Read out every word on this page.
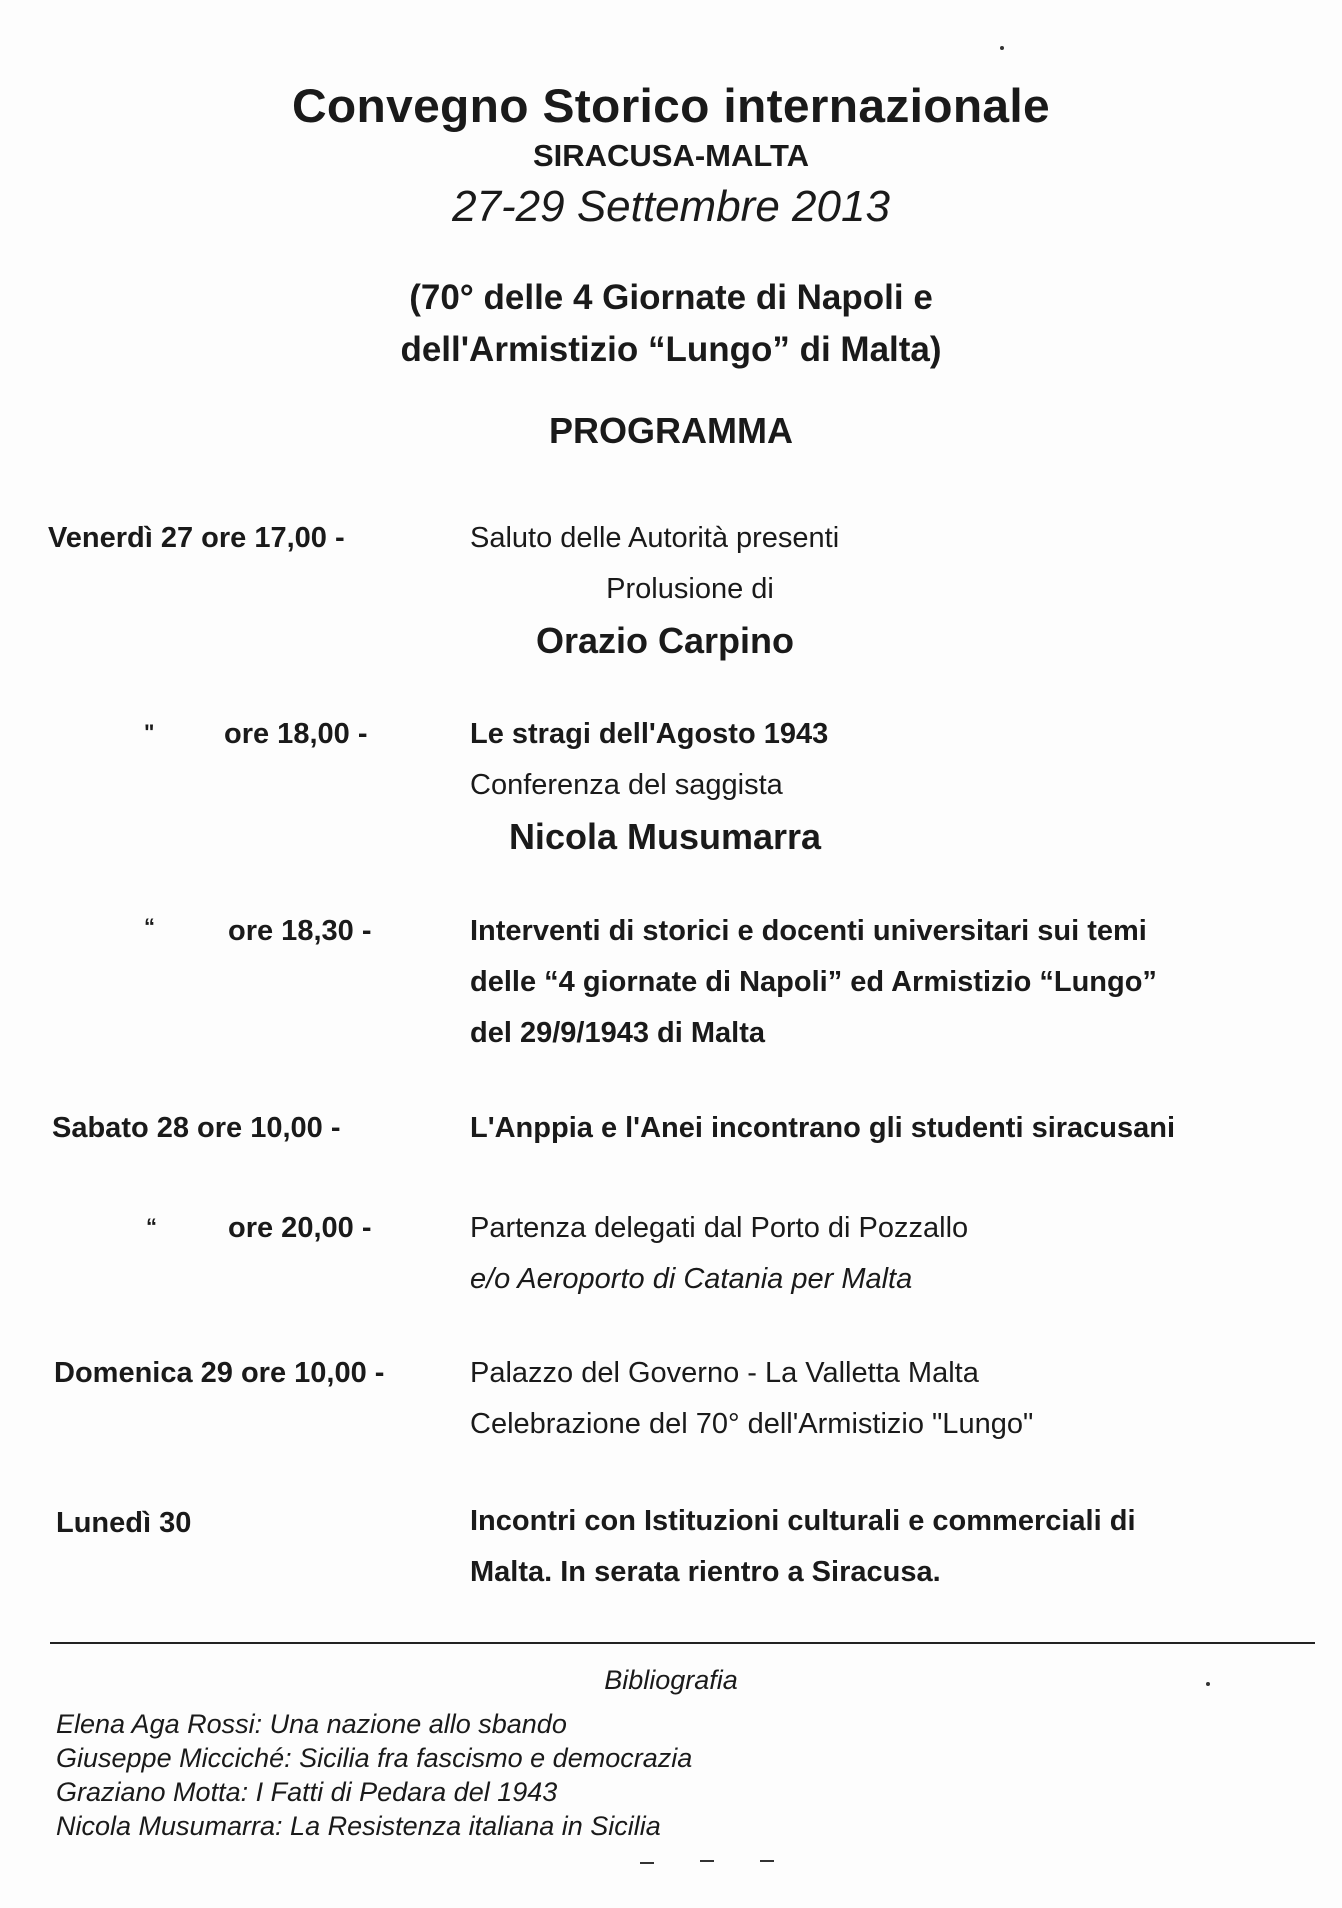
Convegno Storico internazionale
SIRACUSA-MALTA
27-29 Settembre 2013
(70° delle 4 Giornate di Napoli e
dell'Armistizio “Lungo” di Malta)
PROGRAMMA
Venerdì 27 ore 17,00 -	Saluto delle Autorità presenti
Prolusione di
Orazio Carpino
" ore 18,00 -	Le stragi dell'Agosto 1943
Conferenza del saggista
Nicola Musumarra
“	ore 18,30 -	Interventi di storici e docenti universitari sui temi
delle “4 giornate di Napoli” ed Armistizio “Lungo”
del 29/9/1943 di Malta
Sabato 28 ore 10,00 -	L'Anppia e l'Anei incontrano gli studenti siracusani
“ ore 20,00 -	Partenza delegati dal Porto di Pozzallo
e/o Aeroporto di Catania per Malta
Domenica 29 ore 10,00 -	Palazzo del Governo - La Valletta Malta
Celebrazione del 70° dell'Armistizio "Lungo"
Lunedì 30	Incontri con Istituzioni culturali e commerciali di
Malta. In serata rientro a Siracusa.
Bibliografia
Elena Aga Rossi: Una nazione allo sbando
Giuseppe Micciché: Sicilia fra fascismo e democrazia
Graziano Motta: I Fatti di Pedara del 1943
Nicola Musumarra: La Resistenza italiana in Sicilia
